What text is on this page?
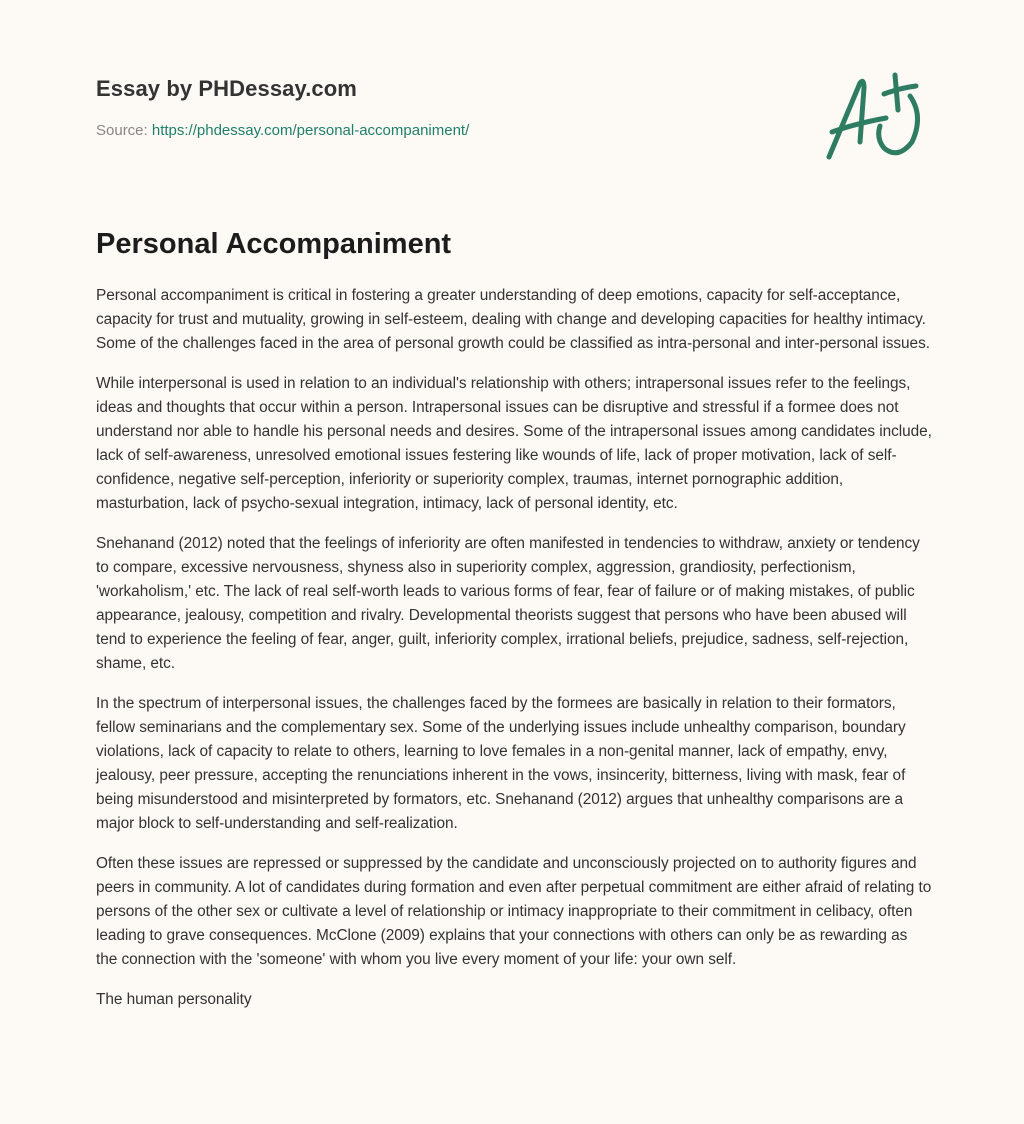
Essay by PHDessay.com
Source: https://phdessay.com/personal-accompaniment/
Personal Accompaniment

Personal accompaniment is critical in fostering a greater understanding of deep emotions, capacity for self-acceptance, capacity for trust and mutuality, growing in self-esteem, dealing with change and developing capacities for healthy intimacy. Some of the challenges faced in the area of personal growth could be classified as intra-personal and inter-personal issues.

While interpersonal is used in relation to an individual's relationship with others; intrapersonal issues refer to the feelings, ideas and thoughts that occur within a person. Intrapersonal issues can be disruptive and stressful if a formee does not understand nor able to handle his personal needs and desires. Some of the intrapersonal issues among candidates include, lack of self-awareness, unresolved emotional issues festering like wounds of life, lack of proper motivation, lack of self-confidence, negative self-perception, inferiority or superiority complex, traumas, internet pornographic addition, masturbation, lack of psycho-sexual integration, intimacy, lack of personal identity, etc.

Snehanand (2012) noted that the feelings of inferiority are often manifested in tendencies to withdraw, anxiety or tendency to compare, excessive nervousness, shyness also in superiority complex, aggression, grandiosity, perfectionism, 'workaholism,' etc. The lack of real self-worth leads to various forms of fear, fear of failure or of making mistakes, of public appearance, jealousy, competition and rivalry. Developmental theorists suggest that persons who have been abused will tend to experience the feeling of fear, anger, guilt, inferiority complex, irrational beliefs, prejudice, sadness, self-rejection, shame, etc.

In the spectrum of interpersonal issues, the challenges faced by the formees are basically in relation to their formators, fellow seminarians and the complementary sex. Some of the underlying issues include unhealthy comparison, boundary violations, lack of capacity to relate to others, learning to love females in a non-genital manner, lack of empathy, envy, jealousy, peer pressure, accepting the renunciations inherent in the vows, insincerity, bitterness, living with mask, fear of being misunderstood and misinterpreted by formators, etc. Snehanand (2012) argues that unhealthy comparisons are a major block to self-understanding and self-realization.

Often these issues are repressed or suppressed by the candidate and unconsciously projected on to authority figures and peers in community. A lot of candidates during formation and even after perpetual commitment are either afraid of relating to persons of the other sex or cultivate a level of relationship or intimacy inappropriate to their commitment in celibacy, often leading to grave consequences. McClone (2009) explains that your connections with others can only be as rewarding as the connection with the 'someone' with whom you live every moment of your life: your own self.

The human personality
